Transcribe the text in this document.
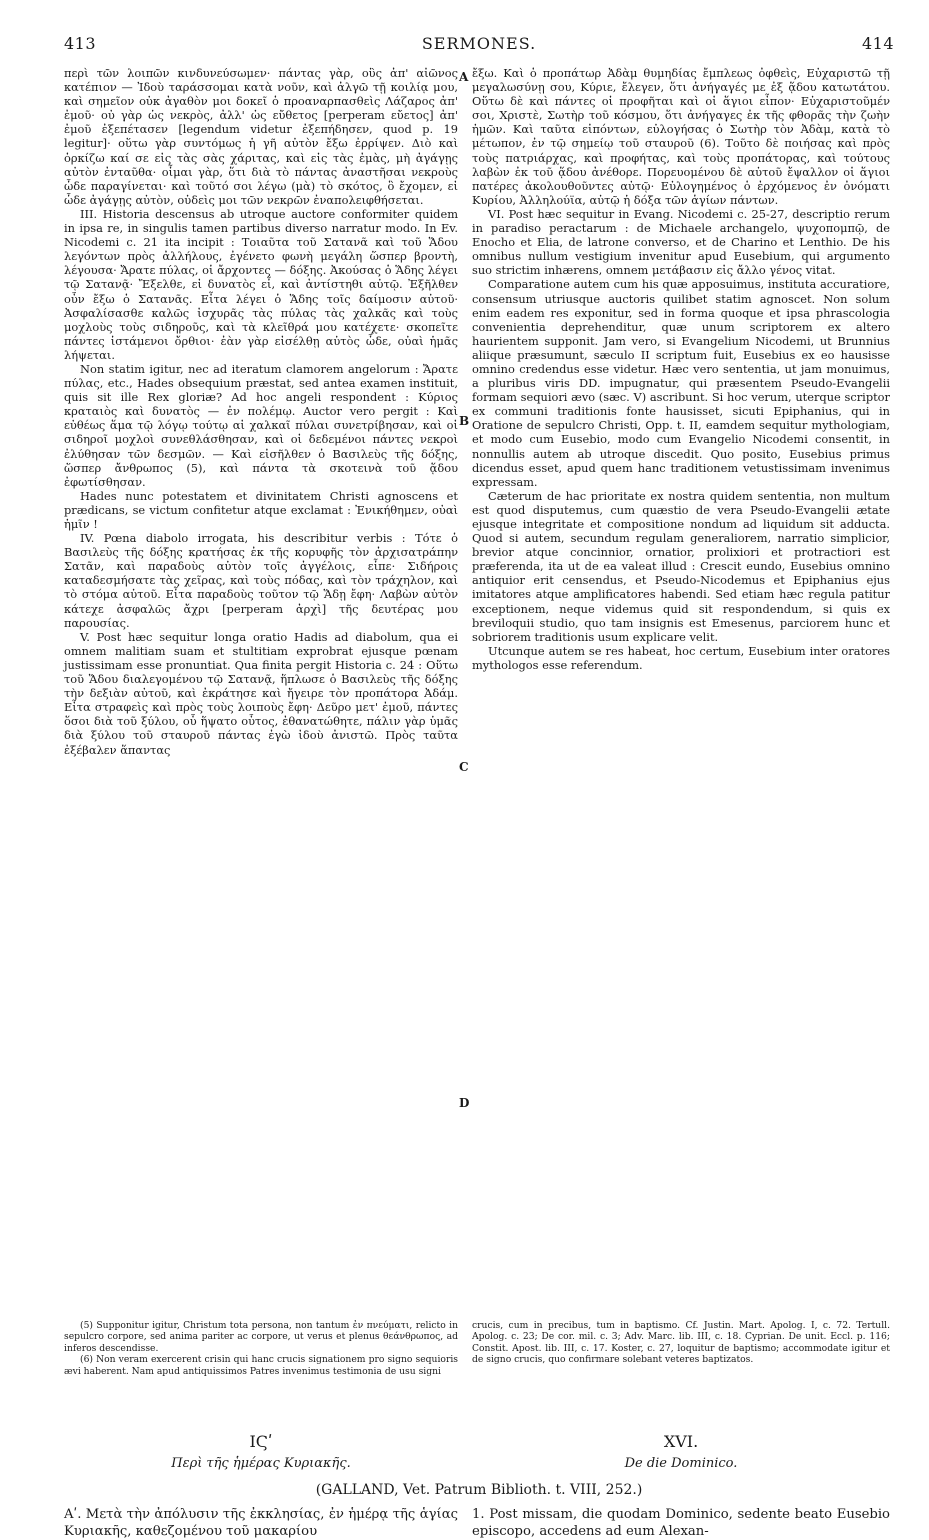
413	SERMONES.	414

περὶ τῶν λοιπῶν κινδυνεύσωμεν· πάντας γὰρ, οὓς ἀπ' αἰῶνος κατέπιον — Ἰδοὺ ταράσσομαι κατὰ νοῦν, καὶ ἀλγῶ τῇ κοιλίᾳ μου, καὶ σημεῖον οὐκ ἀγαθὸν μοι δοκεῖ ὁ προαναρπασθεὶς Λάζαρος ἀπ' ἐμοῦ· οὐ γὰρ ὡς νεκρὸς, ἀλλ' ὡς εὔθετος [perperam εὔετος] ἀπ' ἐμοῦ ἐξεπέτασεν [legendum videtur ἐξεπήδησεν, quod p. 19 legitur]· οὕτω γὰρ συντόμως ἡ γῆ αὐτὸν ἔξω ἐρρίψεν. Διὸ καὶ ὁρκίζω καί σε εἰς τὰς σὰς χάριτας, καὶ εἰς τὰς ἐμὰς, μὴ ἀγάγῃς αὐτὸν ἐνταῦθα· οἶμαι γὰρ, ὅτι διὰ τὸ πάντας ἀναστῆσαι νεκροὺς ὧδε παραγίνεται· καὶ τοῦτό σοι λέγω (μὰ) τὸ σκότος, ὃ ἔχομεν, εἰ ὧδε ἀγάγῃς αὐτὸν, οὐδεὶς μοι τῶν νεκρῶν ἐναπολειφθήσεται.

III. Historia descensus ab utroque auctore conformiter quidem in ipsa re, in singulis tamen partibus diverso narratur modo. In Ev. Nicodemi c. 21 ita incipit : Τοιαῦτα τοῦ Σατανᾶ καὶ τοῦ Ἅδου λεγόντων πρὸς ἀλλήλους, ἐγένετο φωνὴ μεγάλη ὥσπερ βροντὴ, λέγουσα· Ἄρατε πύλας, οἱ ἄρχοντες — δόξης. Ἀκούσας ὁ Ἅδης λέγει τῷ Σατανᾷ· Ἔξελθε, εἰ δυνατὸς εἶ, καὶ ἀντίστηθι αὐτῷ. Ἐξῆλθεν οὖν ἔξω ὁ Σατανᾶς. Εἶτα λέγει ὁ Ἅδης τοῖς δαίμοσιν αὐτοῦ· Ἀσφαλίσασθε καλῶς ἰσχυρᾶς τὰς πύλας τὰς χαλκᾶς καὶ τοὺς μοχλοὺς τοὺς σιδηροῦς, καὶ τὰ κλεῖθρά μου κατέχετε· σκοπεῖτε πάντες ἱστάμενοι ὄρθιοι· ἐὰν γὰρ εἰσέλθῃ αὐτὸς ὧδε, οὐαὶ ἡμᾶς λήψεται.

Non statim igitur, nec ad iteratum clamorem angelorum : Ἄρατε πύλας, etc., Hades obsequium præstat, sed antea examen instituit, quis sit ille Rex gloriæ? Ad hoc angeli respondent : Κύριος κραταιὸς καὶ δυνατὸς — ἐν πολέμῳ. Auctor vero pergit : Καὶ εὐθέως ἅμα τῷ λόγῳ τούτῳ αἱ χαλκαῖ πύλαι συνετρίβησαν, καὶ οἱ σιδηροῖ μοχλοὶ συνεθλάσθησαν, καὶ οἱ δεδεμένοι πάντες νεκροὶ ἐλύθησαν τῶν δεσμῶν. — Καὶ εἰσῆλθεν ὁ Βασιλεὺς τῆς δόξης, ὥσπερ ἄνθρωπος (5), καὶ πάντα τὰ σκοτεινὰ τοῦ ᾅδου ἐφωτίσθησαν.

Hades nunc potestatem et divinitatem Christi agnoscens et prædicans, se victum confitetur atque exclamat : Ἐνικήθημεν, οὐαὶ ἡμῖν !

IV. Pœna diabolo irrogata, his describitur verbis : Τότε ὁ Βασιλεὺς τῆς δόξης κρατήσας ἐκ τῆς κορυφῆς τὸν ἀρχισατράπην Σατᾶν, καὶ παραδοὺς αὐτὸν τοῖς ἀγγέλοις, εἶπε· Σιδήροις καταδεσμήσατε τὰς χεῖρας, καὶ τοὺς πόδας, καὶ τὸν τράχηλον, καὶ τὸ στόμα αὐτοῦ. Εἶτα παραδοὺς τοῦτον τῷ Ἅδῃ ἔφη· Λαβὼν αὐτὸν κάτεχε ἀσφαλῶς ἄχρι [perperam ἀρχὶ] τῆς δευτέρας μου παρουσίας.

V. Post hæc sequitur longa oratio Hadis ad diabolum, qua ei omnem malitiam suam et stultitiam exprobrat ejusque pœnam justissimam esse pronuntiat. Qua finita pergit Historia c. 24 : Οὕτω τοῦ Ἅδου διαλεγομένου τῷ Σατανᾷ, ἥπλωσε ὁ Βασιλεὺς τῆς δόξης τὴν δεξιὰν αὐτοῦ, καὶ ἐκράτησε καὶ ἤγειρε τὸν προπάτορα Ἀδάμ. Εἶτα στραφεὶς καὶ πρὸς τοὺς λοιποὺς ἔφη· Δεῦρο μετ' ἐμοῦ, πάντες ὅσοι διὰ τοῦ ξύλου, οὗ ἥψατο οὗτος, ἐθανατώθητε, πάλιν γὰρ ὑμᾶς διὰ ξύλου τοῦ σταυροῦ πάντας ἐγὼ ἰδοὺ ἀνιστῶ. Πρὸς ταῦτα ἐξέβαλεν ἅπαντας

A
B
C
D

ἔξω. Καὶ ὁ προπάτωρ Ἀδὰμ θυμηδίας ἔμπλεως ὀφθεὶς, Εὐχαριστῶ τῇ μεγαλωσύνῃ σου, Κύριε, ἔλεγεν, ὅτι ἀνήγαγές με ἐξ ᾅδου κατωτάτου. Οὕτω δὲ καὶ πάντες οἱ προφῆται καὶ οἱ ἅγιοι εἶπον· Εὐχαριστοῦμέν σοι, Χριστὲ, Σωτὴρ τοῦ κόσμου, ὅτι ἀνήγαγες ἐκ τῆς φθορᾶς τὴν ζωὴν ἡμῶν. Καὶ ταῦτα εἰπόντων, εὐλογήσας ὁ Σωτὴρ τὸν Ἀδὰμ, κατὰ τὸ μέτωπον, ἐν τῷ σημείῳ τοῦ σταυροῦ (6). Τοῦτο δὲ ποιήσας καὶ πρὸς τοὺς πατριάρχας, καὶ προφήτας, καὶ τοὺς προπάτορας, καὶ τούτους λαβὼν ἐκ τοῦ ᾅδου ἀνέθορε. Πορευομένου δὲ αὐτοῦ ἔψαλλον οἱ ἅγιοι πατέρες ἀκολουθοῦντες αὐτῷ· Εὐλογημένος ὁ ἐρχόμενος ἐν ὀνόματι Κυρίου, Ἀλληλούϊα, αὐτῷ ἡ δόξα τῶν ἁγίων πάντων.

VI. Post hæc sequitur in Evang. Nicodemi c. 25-27, descriptio rerum in paradiso peractarum : de Michaele archangelo, ψυχοπομπῷ, de Enocho et Elia, de latrone converso, et de Charino et Lenthio. De his omnibus nullum vestigium invenitur apud Eusebium, qui argumento suo strictim inhærens, omnem μετάβασιν εἰς ἄλλο γένος vitat.

Comparatione autem cum his quæ apposuimus, instituta accuratiore, consensum utriusque auctoris quilibet statim agnoscet. Non solum enim eadem res exponitur, sed in forma quoque et ipsa phrascologia convenientia deprehenditur, quæ unum scriptorem ex altero haurientem supponit. Jam vero, si Evangelium Nicodemi, ut Brunnius aliique præsumunt, sæculo II scriptum fuit, Eusebius ex eo hausisse omnino credendus esse videtur. Hæc vero sententia, ut jam monuimus, a pluribus viris DD. impugnatur, qui præsentem Pseudo-Evangelii formam sequiori ævo (sæc. V) ascribunt. Si hoc verum, uterque scriptor ex communi traditionis fonte hausisset, sicuti Epiphanius, qui in Oratione de sepulcro Christi, Opp. t. II, eamdem sequitur mythologiam, et modo cum Eusebio, modo cum Evangelio Nicodemi consentit, in nonnullis autem ab utroque discedit. Quo posito, Eusebius primus dicendus esset, apud quem hanc traditionem vetustissimam invenimus expressam.

Cæterum de hac prioritate ex nostra quidem sententia, non multum est quod disputemus, cum quæstio de vera Pseudo-Evangelii ætate ejusque integritate et compositione nondum ad liquidum sit adducta. Quod si autem, secundum regulam generaliorem, narratio simplicior, brevior atque concinnior, ornatior, prolixiori et protractiori est præferenda, ita ut de ea valeat illud : Crescit eundo, Eusebius omnino antiquior erit censendus, et Pseudo-Nicodemus et Epiphanius ejus imitatores atque amplificatores habendi. Sed etiam hæc regula patitur exceptionem, neque videmus quid sit respondendum, si quis ex breviloquii studio, quo tam insignis est Emesenus, parciorem hunc et sobriorem traditionis usum explicare velit.

Utcunque autem se res habeat, hoc certum, Eusebium inter oratores mythologos esse referendum.

(5) Supponitur igitur, Christum tota persona, non tantum ἐν πνεύματι, relicto in sepulcro corpore, sed anima pariter ac corpore, ut verus et plenus θεάνθρωπος, ad inferos descendisse.

(6) Non veram exercerent crisin qui hanc crucis signationem pro signo sequioris ævi haberent. Nam apud antiquissimos Patres invenimus testimonia de usu signi

crucis, cum in precibus, tum in baptismo. Cf. Justin. Mart. Apolog. I, c. 72. Tertull. Apolog. c. 23; De cor. mil. c. 3; Adv. Marc. lib. III, c. 18. Cyprian. De unit. Eccl. p. 116; Constit. Apost. lib. III, c. 17. Koster, c. 27, loquitur de baptismo; accommodate igitur et de signo crucis, quo confirmare solebant veteres baptizatos.

ΙϚʹ	XVI.
Περὶ τῆς ἡμέρας Κυριακῆς.	De die Dominico.
(GALLAND, Vet. Patrum Biblioth. t. VIII, 252.)

Αʹ. Μετὰ τὴν ἀπόλυσιν τῆς ἐκκλησίας, ἐν ἡμέρᾳ τῆς ἁγίας Κυριακῆς, καθεζομένου τοῦ μακαρίου

1. Post missam, die quodam Dominico, sedente beato Eusebio episcopo, accedens ad eum Alexan-
